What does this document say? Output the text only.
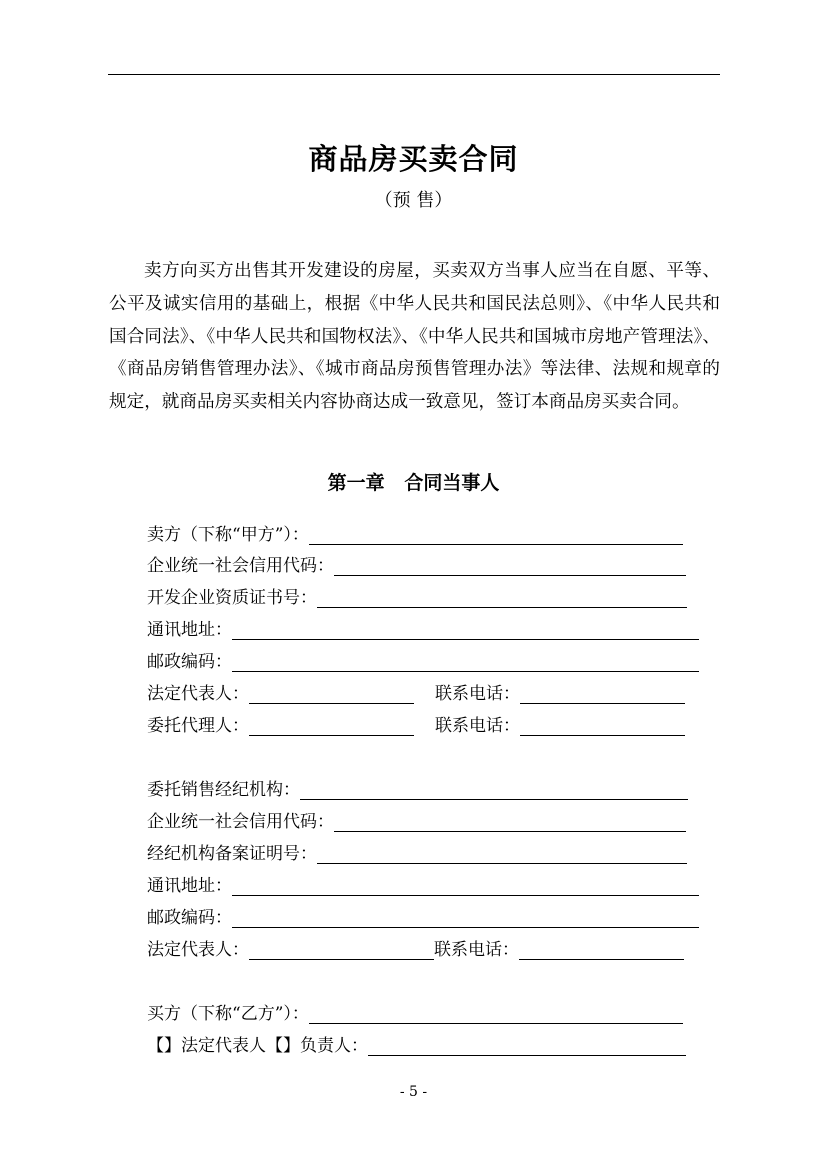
商品房买卖合同
（预 售）
卖方向买方出售其开发建设的房屋，买卖双方当事人应当在自愿、平等、公平及诚实信用的基础上，根据《中华人民共和国民法总则》、《中华人民共和国合同法》、《中华人民共和国物权法》、《中华人民共和国城市房地产管理法》、《商品房销售管理办法》、《城市商品房预售管理办法》等法律、法规和规章的规定，就商品房买卖相关内容协商达成一致意见，签订本商品房买卖合同。
第一章   合同当事人
卖方（下称“甲方”）：
企业统一社会信用代码：
开发企业资质证书号：
通讯地址：
邮政编码：
法定代表人：	联系电话：
委托代理人：	联系电话：
委托销售经纪机构：
企业统一社会信用代码：
经纪机构备案证明号：
通讯地址：
邮政编码：
法定代表人：	联系电话：
买方（下称“乙方”）：
【】法定代表人【】负责人：
- 5 -
